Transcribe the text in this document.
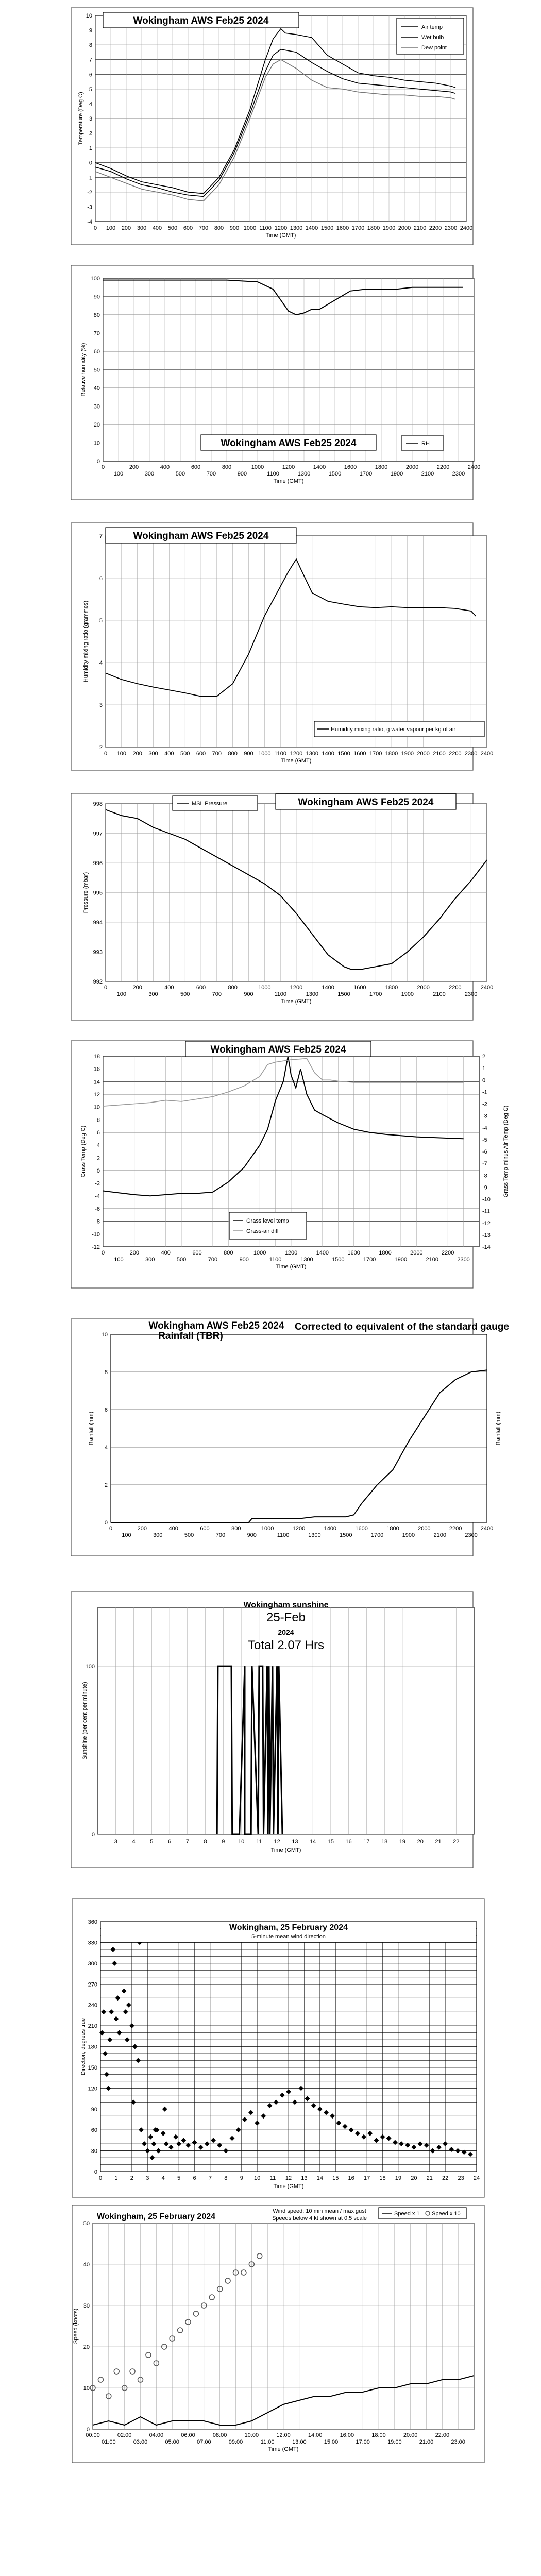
-4
-3
-2
-1
0
1
2
3
4
5
6
7
8
9
10
0 100 200 300 400 500 600 700 800 900 1000 1100 1200 1300 1400 1500 1600 1700 1800 1900 2000 2100 2200 2300 2400
Time (GMT)
Temperature (Deg C)
Wokingham AWS Feb25 2024
Air temp
Wet bulb
Dew point
0
10
20
30
40
50
60
70
80
90
100
0	200	400	600	800	1000	1200	1400	1600	1800	2000	2200	2400
100	300	500	700	900	1100	1300	1500	1700	1900	2100	2300
Time (GMT)
Relative humidity (%)
Wokingham AWS Feb25 2024	RH
2
3
4
5
6
7
0 100 200 300 400 500 600 700 800 900 1000 1100 1200 1300 1400 1500 1600 1700 1800 1900 2000 2100 2200 2300 2400
Time (GMT)
Humidity mixing ratio (grammes)
Wokingham AWS Feb25 2024
Humidity mixing ratio, g water vapour per kg of air
992
993
994
995
996
997
998
0	200	400	600	800	1000	1200	1400	1600	1800	2000	2200	2400
100	300	500	700	900	1100	1300	1500	1700	1900	2100	2300
Time (GMT)
Pressure (mbar)
MSL Pressure	Wokingham AWS Feb25 2024
-12
-10
-8
-6
-4
-2
0
2
4
6
8
10
12
14
16
18
0	200	400	600	800	1000	1200	1400	1600	1800	2000	2200
100	300	500	700	900	1100	1300	1500	1700	1900	2100	2300
Time (GMT)
Grass Temp (Deg C)
-14
-13
-12
-11
-10
-9
-8
-7
-6
-5
-4
-3
-2
-1
0
1
2
Grass Temp minus Air Temp (Deg C)
Wokingham AWS Feb25 2024
Grass level temp
Grass-air diff
0
2
4
6
8
10
0	200	400	600	800	1000	1200	1400	1600	1800	2000	2200	2400
100	300	500	700	900	1100	1300	1500	1700	1900	2100	2300
Rainfall (mm)	Rainfall (mm)
Wokingham AWS Feb25 2024
Rainfall (TBR)
Corrected to equivalent of the standard gauge
3	4	5	6	7	8	9 10 11 12 13 14 15 16 17 18 19 20 21 22
0
100
Time (GMT)
Sunshine (per cent per minute)
Wokingham sunshine
25-Feb
2024
Total 2.07 Hrs
0
30
60
90
120
150
180
210
240
270
300
330
360
0 1 2 3 4 5 6 7 8 9 10 11 12 13 14 15 16 17 18 19 20 21 22 23 24
Time (GMT)
Direction, degrees true
Wokingham, 25 February 2024
5-minute mean wind direction
0
10
20
30
40
50
00:00	02:00	04:00	06:00	08:00	10:00	12:00	14:00	16:00	18:00	20:00	22:00
01:00	03:00	05:00	07:00	09:00	11:00	13:00	15:00	17:00	19:00	21:00	23:00
Time (GMT)
Speed (knots)
Wokingham, 25 February 2024
Wind speed: 10 min mean / max gust
Speeds below 4 kt shown at 0.5 scale
Speed x 1 Speed x 10
